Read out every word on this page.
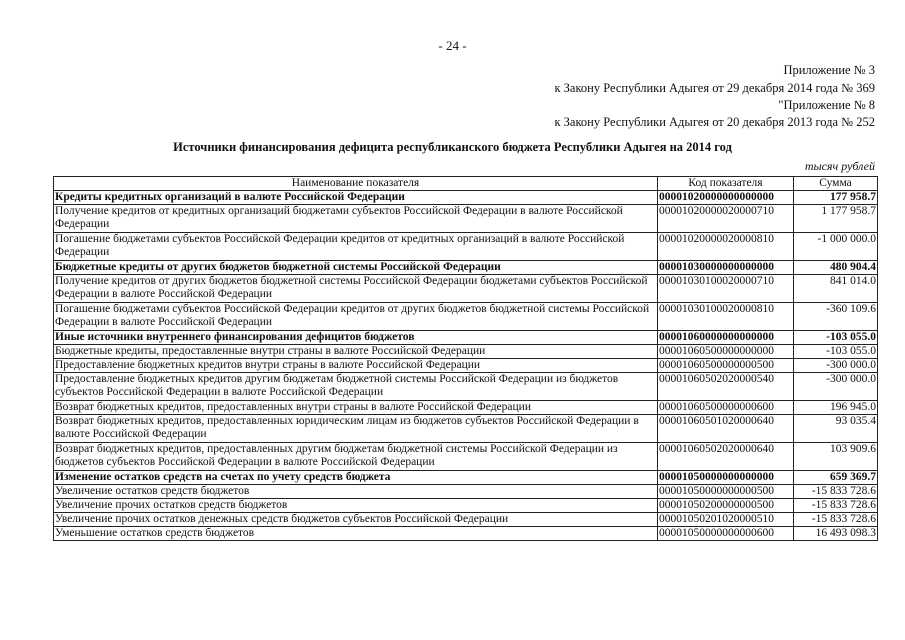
- 24 -
Приложение № 3
к Закону Республики Адыгея от 29 декабря 2014 года № 369
"Приложение № 8
к Закону Республики Адыгея от 20 декабря 2013 года № 252
Источники финансирования дефицита республиканского бюджета Республики Адыгея на 2014 год
тысяч рублей
Наименование показателя	Код показателя	Сумма
Кредиты кредитных организаций в валюте Российской Федерации	00001020000000000000	177 958.7
Получение кредитов от кредитных организаций бюджетами субъектов Российской Федерации в валюте Российской Федерации	00001020000020000710	1 177 958.7
Погашение бюджетами субъектов Российской Федерации кредитов от кредитных организаций в валюте Российской Федерации	00001020000020000810	-1 000 000.0
Бюджетные кредиты от других бюджетов бюджетной системы Российской Федерации	00001030000000000000	480 904.4
Получение кредитов от других бюджетов бюджетной системы Российской Федерации бюджетами субъектов Российской Федерации в валюте Российской Федерации	00001030100020000710	841 014.0
Погашение бюджетами субъектов Российской Федерации кредитов от других бюджетов бюджетной системы Российской Федерации в валюте Российской Федерации	00001030100020000810	-360 109.6
Иные источники внутреннего финансирования дефицитов бюджетов	00001060000000000000	-103 055.0
Бюджетные кредиты, предоставленные внутри страны в валюте Российской Федерации	00001060500000000000	-103 055.0
Предоставление бюджетных кредитов внутри страны в валюте Российской Федерации	00001060500000000500	-300 000.0
Предоставление бюджетных кредитов другим бюджетам бюджетной системы Российской Федерации из бюджетов субъектов Российской Федерации в валюте Российской Федерации	00001060502020000540	-300 000.0
Возврат бюджетных кредитов, предоставленных внутри страны в валюте Российской Федерации	00001060500000000600	196 945.0
Возврат бюджетных кредитов, предоставленных юридическим лицам из бюджетов субъектов Российской Федерации в валюте Российской Федерации	00001060501020000640	93 035.4
Возврат бюджетных кредитов, предоставленных другим бюджетам бюджетной системы Российской Федерации из бюджетов субъектов Российской Федерации в валюте Российской Федерации	00001060502020000640	103 909.6
Изменение остатков средств на счетах по учету средств бюджета	00001050000000000000	659 369.7
Увеличение остатков средств бюджетов	00001050000000000500	-15 833 728.6
Увеличение прочих остатков средств бюджетов	00001050200000000500	-15 833 728.6
Увеличение прочих остатков денежных средств бюджетов субъектов Российской Федерации	00001050201020000510	-15 833 728.6
Уменьшение остатков средств бюджетов	00001050000000000600	16 493 098.3
